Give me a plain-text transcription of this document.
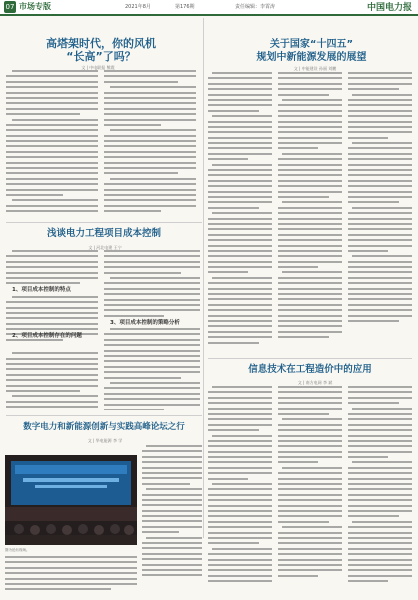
07 市场专版	2021年8月	第176期	责任编辑：李霄涛	中国电力报
高塔架时代，你的风机
“长高”了吗？
文 | 中电联报 熊霞
关于国家“十四五”
规划中新能源发展的展望
文 | 中能建设 孙丽 刘鹏
浅谈电力工程项目成本控制
文 | 河北电建 王宁
1、项目成本控制的特点
2、项目成本控制存在的问题
3、项目成本控制的策略分析
数字电力和新能源创新与实践高峰论坛之行
文 | 华电能源 李 学
图为论坛现场。
信息技术在工程造价中的应用
文 | 南方电网 李 斌
